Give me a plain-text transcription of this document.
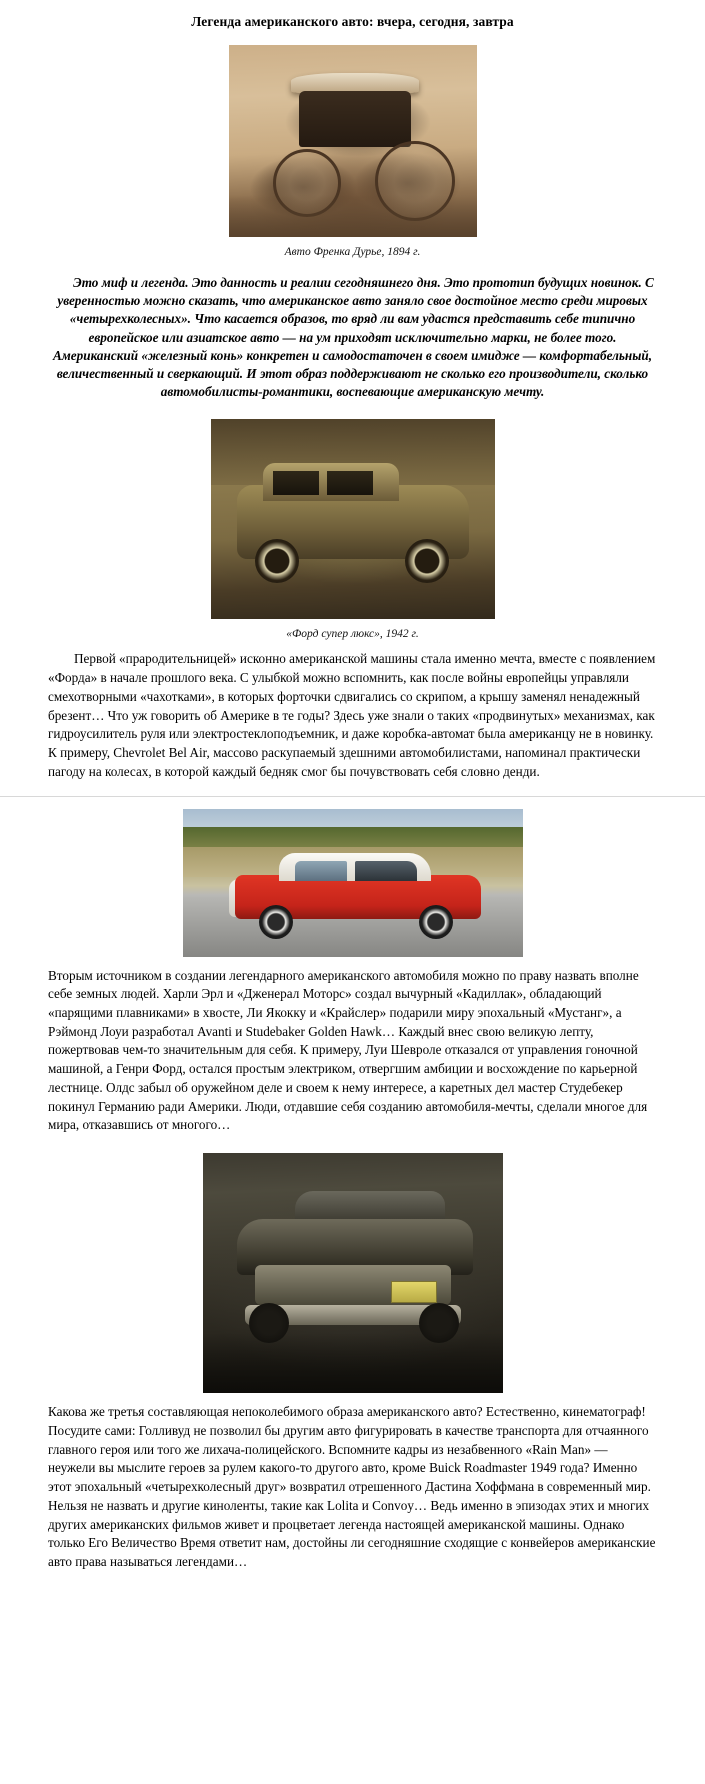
Легенда американского авто: вчера, сегодня, завтра
Авто Френка Дурье, 1894 г.

Это миф и легенда. Это данность и реалии сегодняшнего дня. Это прототип будущих новинок. С уверенностью можно сказать, что американское авто заняло свое достойное место среди мировых «четырехколесных». Что касается образов, то вряд ли вам удастся представить себе типично европейское или азиатское авто — на ум приходят исключительно марки, не более того. Американский «железный конь» конкретен и самодостаточен в своем имидже — комфортабельный, величественный и сверкающий. И этот образ поддерживают не сколько его производители, сколько автомобилисты-романтики, воспевающие американскую мечту.

«Форд супер люкс», 1942 г.

Первой «прародительницей» исконно американской машины стала именно мечта, вместе с появлением «Форда» в начале прошлого века. С улыбкой можно вспомнить, как после войны европейцы управляли смехотворными «чахотками», в которых форточки сдвигались со скрипом, а крышу заменял ненадежный брезент… Что уж говорить об Америке в те годы? Здесь уже знали о таких «продвинутых» механизмах, как гидроусилитель руля или электростеклоподъемник, и даже коробка-автомат была американцу не в новинку. К примеру, Chevrolet Bel Air, массово раскупаемый здешними автомобилистами, напоминал практически пагоду на колесах, в которой каждый бедняк смог бы почувствовать себя словно денди.

Вторым источником в создании легендарного американского автомобиля можно по праву назвать вполне себе земных людей. Харли Эрл и «Дженерал Моторс» создал вычурный «Кадиллак», обладающий «парящими плавниками» в хвосте, Ли Якокку и «Крайслер» подарили миру эпохальный «Мустанг», а Рэймонд Лоуи разработал Avanti и Studebaker Golden Hawk… Каждый внес свою великую лепту, пожертвовав чем-то значительным для себя. К примеру, Луи Шевроле отказался от управления гоночной машиной, а Генри Форд, остался простым электриком, отвергшим амбиции и восхождение по карьерной лестнице. Олдс забыл об оружейном деле и своем к нему интересе, а каретных дел мастер Студебекер покинул Германию ради Америки. Люди, отдавшие себя созданию автомобиля-мечты, сделали многое для мира, отказавшись от многого…

Какова же третья составляющая непоколебимого образа американского авто? Естественно, кинематограф! Посудите сами: Голливуд не позволил бы другим авто фигурировать в качестве транспорта для отчаянного главного героя или того же лихача-полицейского. Вспомните кадры из незабвенного «Rain Man» — неужели вы мыслите героев за рулем какого-то другого авто, кроме Buick Roadmaster 1949 года? Именно этот эпохальный «четырехколесный друг» возвратил отрешенного Дастина Хоффмана в современный мир. Нельзя не назвать и другие киноленты, такие как Lolita и Convoy… Ведь именно в эпизодах этих и многих других американских фильмов живет и процветает легенда настоящей американской машины. Однако только Его Величество Время ответит нам, достойны ли сегодняшние сходящие с конвейеров американские авто права называться легендами…
